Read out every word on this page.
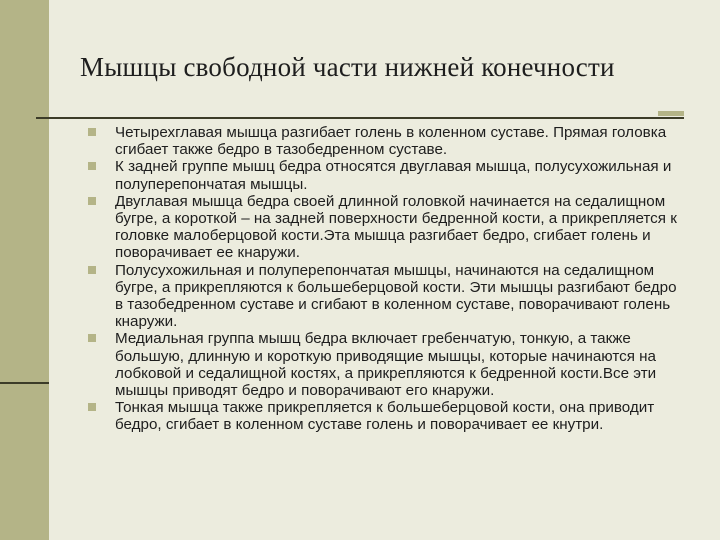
Мышцы свободной части нижней конечности
Четырехглавая мышца разгибает голень в коленном суставе. Прямая головка сгибает также бедро в тазобедренном суставе.
К задней группе мышц бедра относятся двуглавая мышца, полусухожильная и полуперепончатая мышцы.
Двуглавая мышца бедра своей длинной головкой начинается на седалищном бугре, а короткой – на задней поверхности бедренной кости, а прикрепляется к головке малоберцовой кости.Эта мышца разгибает бедро, сгибает голень и поворачивает ее кнаружи.
Полусухожильная и полуперепончатая мышцы, начинаются на седалищном бугре, а прикрепляются к большеберцовой кости. Эти мышцы разгибают бедро в тазобедренном суставе и сгибают в коленном суставе, поворачивают голень кнаружи.
Медиальная группа мышц бедра включает гребенчатую, тонкую, а также большую, длинную и короткую приводящие мышцы, которые начинаются на лобковой и седалищной костях, а прикрепляются к бедренной кости.Все эти мышцы приводят бедро и поворачивают его кнаружи.
Тонкая мышца также прикрепляется к большеберцовой кости, она приводит бедро, сгибает в коленном суставе голень и поворачивает ее кнутри.
